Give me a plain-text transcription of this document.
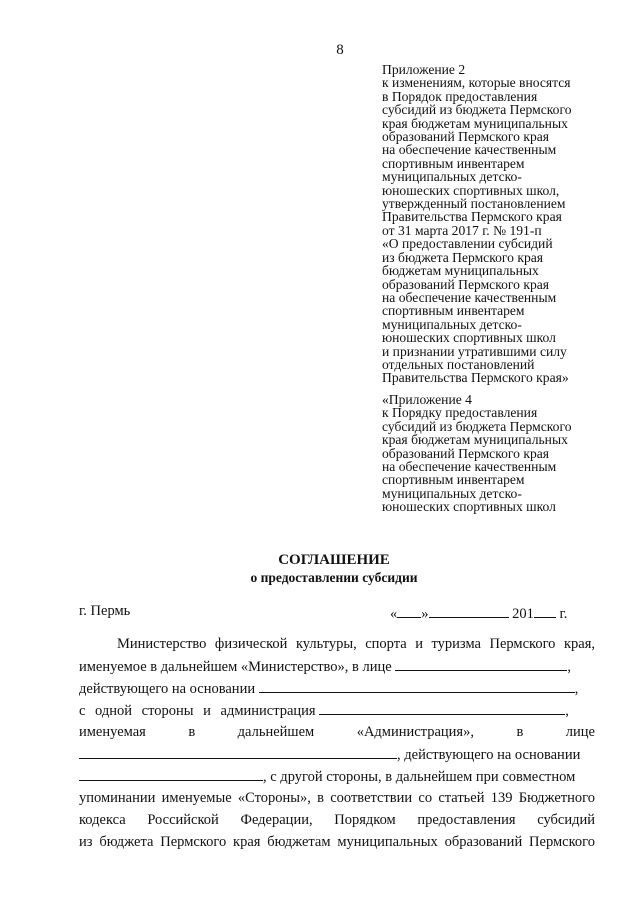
8
Приложение 2
к изменениям, которые вносятся
в Порядок предоставления
субсидий из бюджета Пермского
края бюджетам муниципальных
образований Пермского края
на обеспечение качественным
спортивным инвентарем
муниципальных детско-
юношеских спортивных школ,
утвержденный постановлением
Правительства Пермского края
от 31 марта 2017 г. № 191-п
«О предоставлении субсидий
из бюджета Пермского края
бюджетам муниципальных
образований Пермского края
на обеспечение качественным
спортивным инвентарем
муниципальных детско-
юношеских спортивных школ
и признании утратившими силу
отдельных постановлений
Правительства Пермского края»
«Приложение 4
к Порядку предоставления
субсидий из бюджета Пермского
края бюджетам муниципальных
образований Пермского края
на обеспечение качественным
спортивным инвентарем
муниципальных детско-
юношеских спортивных школ
СОГЛАШЕНИЕ
о предоставлении субсидии
г. Пермь	« »	201 г.
Министерство физической культуры, спорта и туризма Пермского края,
именуемое в дальнейшем «Министерство», в лице	,
действующего на основании	,
с одной стороны и администрация	,
именуемая в дальнейшем «Администрация», в лице
, действующего на основании
, с другой стороны, в дальнейшем при совместном
упоминании именуемые «Стороны», в соответствии со статьей 139 Бюджетного
кодекса Российской Федерации, Порядком предоставления субсидий
из бюджета Пермского края бюджетам муниципальных образований Пермского
